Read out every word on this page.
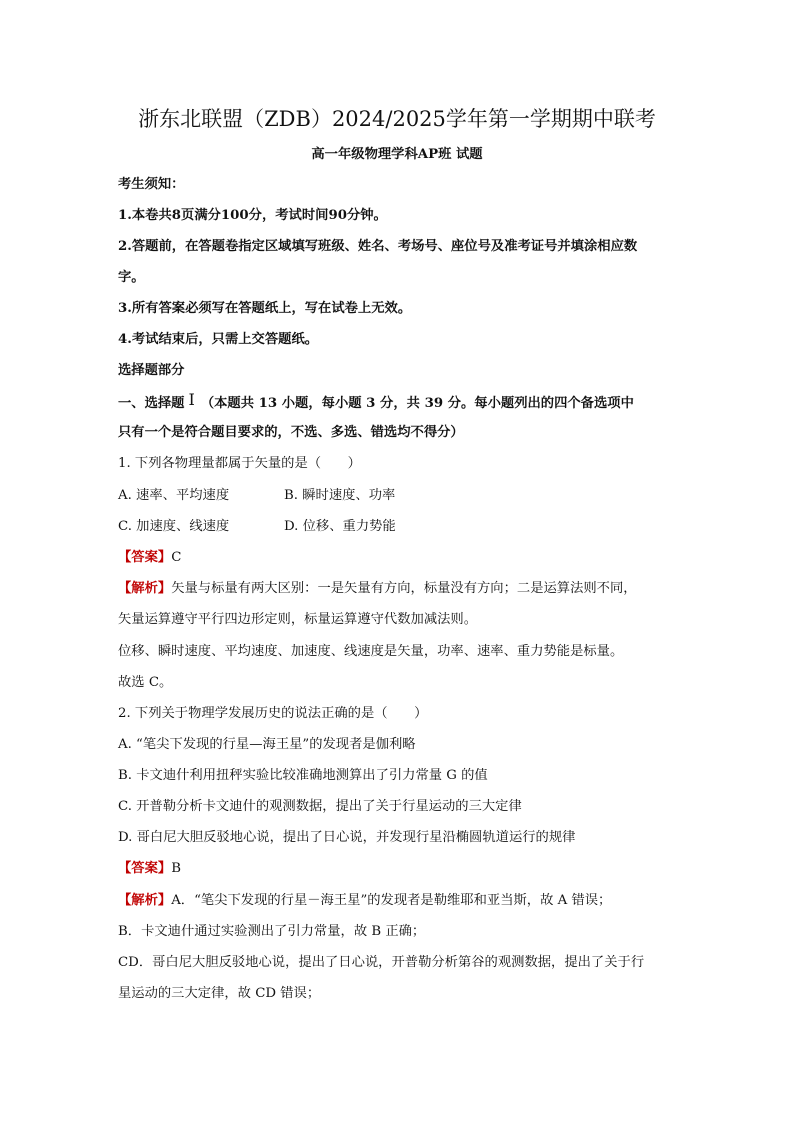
浙东北联盟（ZDB）2024/2025学年第一学期期中联考
高一年级物理学科AP班 试题
考生须知：
1.本卷共8页满分100分，考试时间90分钟。
2.答题前，在答题卷指定区域填写班级、姓名、考场号、座位号及准考证号并填涂相应数
字。
3.所有答案必须写在答题纸上，写在试卷上无效。
4.考试结束后，只需上交答题纸。
选择题部分
一、选择题 I （本题共 13 小题，每小题 3 分，共 39 分。每小题列出的四个备选项中
只有一个是符合题目要求的，不选、多选、错选均不得分）
1. 下列各物理量都属于矢量的是（　　）
A. 速率、平均速度	B. 瞬时速度、功率
C. 加速度、线速度	D. 位移、重力势能
【答案】C
【解析】矢量与标量有两大区别：一是矢量有方向，标量没有方向；二是运算法则不同，
矢量运算遵守平行四边形定则，标量运算遵守代数加减法则。
位移、瞬时速度、平均速度、加速度、线速度是矢量，功率、速率、重力势能是标量。
故选 C。
2. 下列关于物理学发展历史的说法正确的是（　　）
A. “笔尖下发现的行星—海王星”的发现者是伽利略
B. 卡文迪什利用扭秤实验比较准确地测算出了引力常量 G 的值
C. 开普勒分析卡文迪什的观测数据，提出了关于行星运动的三大定律
D. 哥白尼大胆反驳地心说，提出了日心说，并发现行星沿椭圆轨道运行的规律
【答案】B
【解析】A．“笔尖下发现的行星－海王星”的发现者是勒维耶和亚当斯，故 A 错误；
B．卡文迪什通过实验测出了引力常量，故 B 正确；
CD．哥白尼大胆反驳地心说，提出了日心说，开普勒分析第谷的观测数据，提出了关于行
星运动的三大定律，故 CD 错误；
